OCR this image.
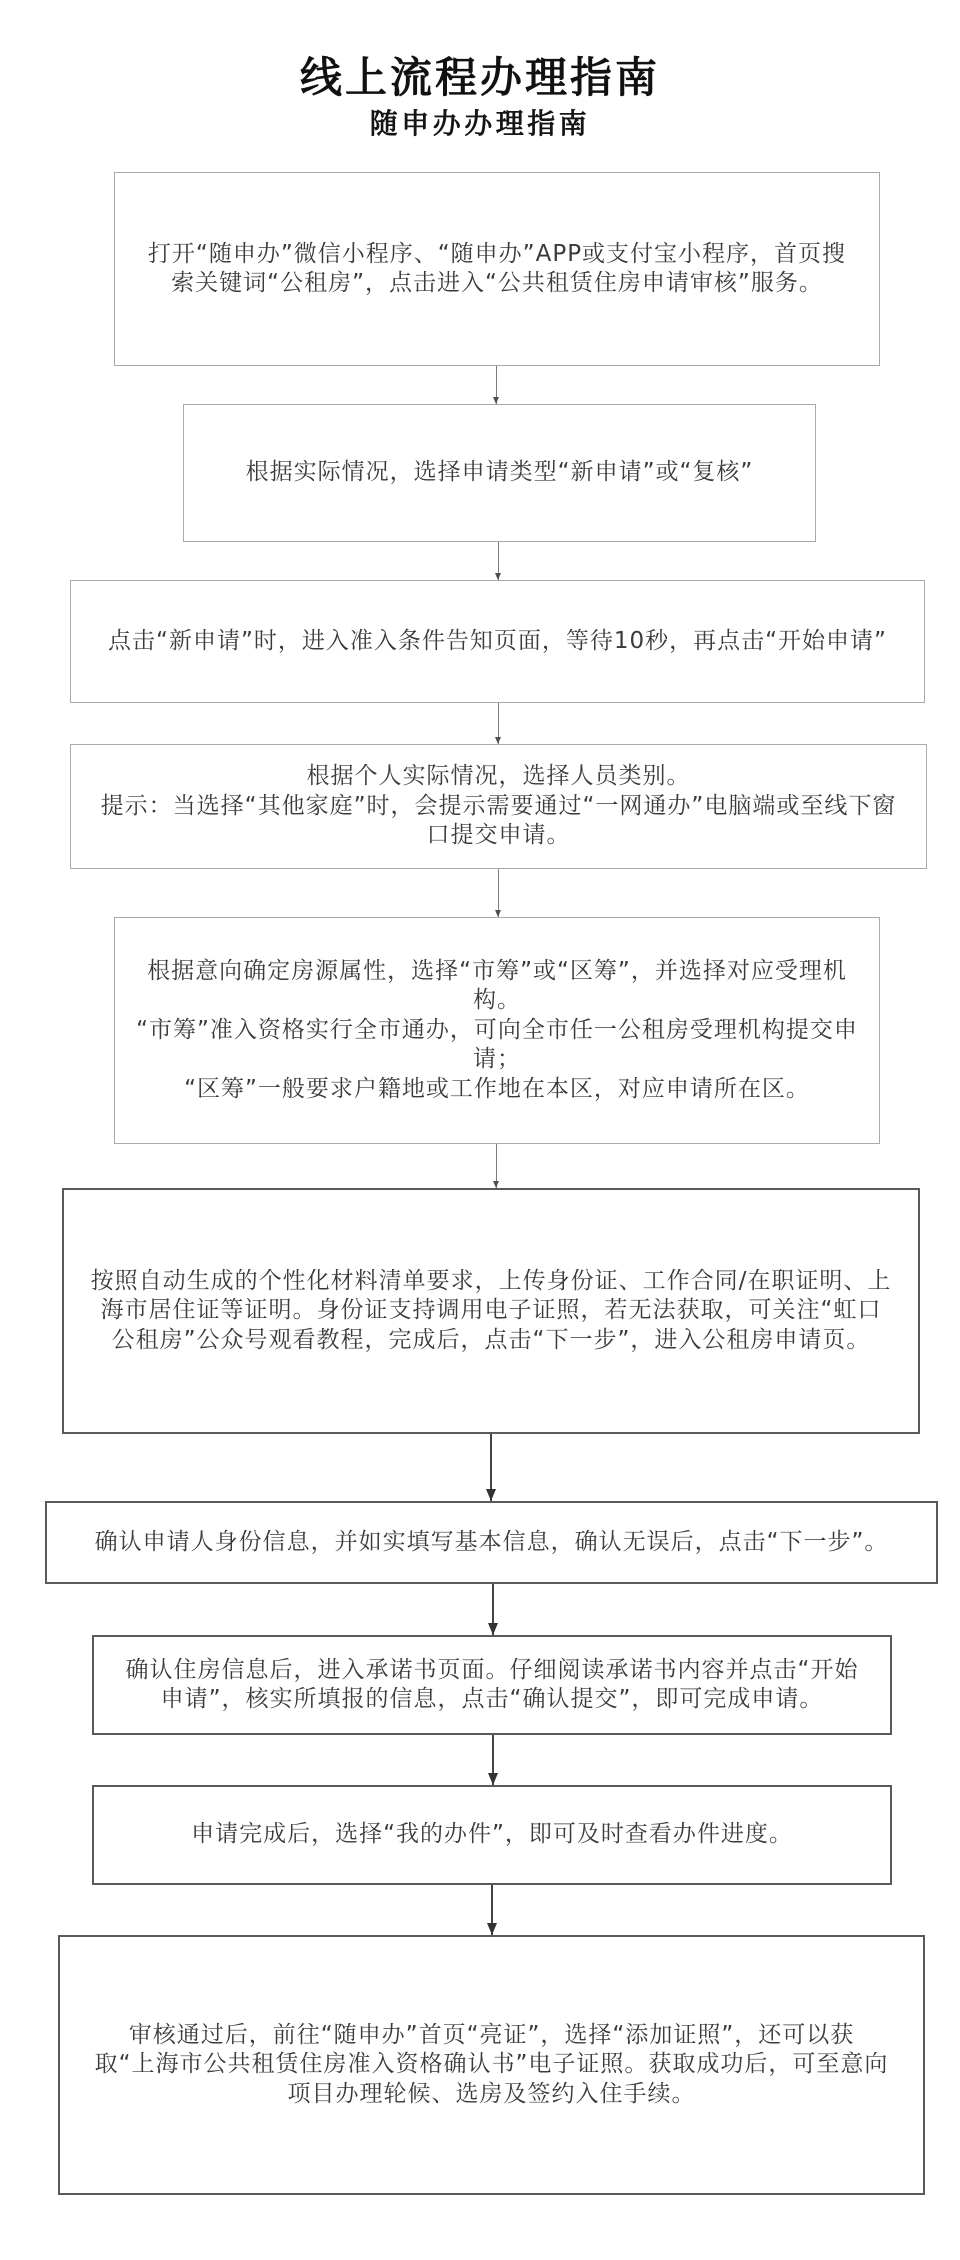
线上流程办理指南
随申办办理指南
打开“随申办”微信小程序、“随申办”APP或支付宝小程序，首页搜
索关键词“公租房”，点击进入“公共租赁住房申请审核”服务。
根据实际情况，选择申请类型“新申请”或“复核”
点击“新申请”时，进入准入条件告知页面，等待10秒，再点击“开始申请”
根据个人实际情况，选择人员类别。
提示：当选择“其他家庭”时，会提示需要通过“一网通办”电脑端或至线下窗
口提交申请。
根据意向确定房源属性，选择“市筹”或“区筹”，并选择对应受理机
构。
“市筹”准入资格实行全市通办，可向全市任一公租房受理机构提交申
请；
“区筹”一般要求户籍地或工作地在本区，对应申请所在区。
按照自动生成的个性化材料清单要求，上传身份证、工作合同/在职证明、上
海市居住证等证明。身份证支持调用电子证照，若无法获取，可关注“虹口
公租房”公众号观看教程，完成后，点击“下一步”，进入公租房申请页。
确认申请人身份信息，并如实填写基本信息，确认无误后，点击“下一步”。
确认住房信息后，进入承诺书页面。仔细阅读承诺书内容并点击“开始
申请”，核实所填报的信息，点击“确认提交”，即可完成申请。
申请完成后，选择“我的办件”，即可及时查看办件进度。
审核通过后，前往“随申办”首页“亮证”，选择“添加证照”，还可以获
取“上海市公共租赁住房准入资格确认书”电子证照。获取成功后，可至意向
项目办理轮候、选房及签约入住手续。
